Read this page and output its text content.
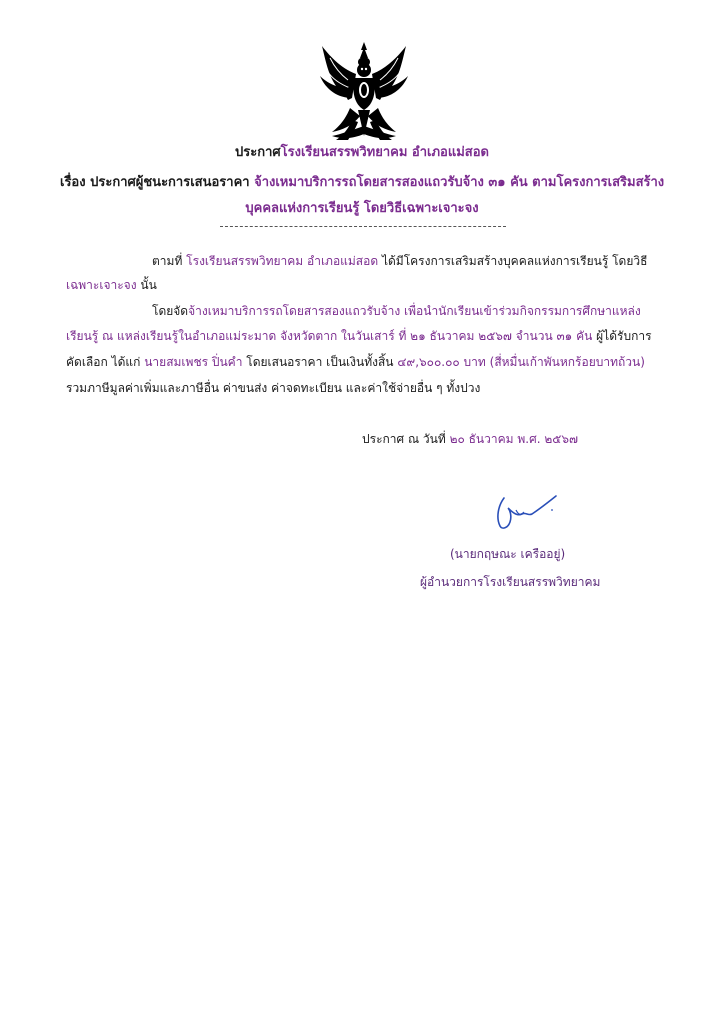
ประกาศโรงเรียนสรรพวิทยาคม อำเภอแม่สอด
เรื่อง ประกาศผู้ชนะการเสนอราคา จ้างเหมาบริการรถโดยสารสองแถวรับจ้าง ๓๑ คัน ตามโครงการเสริมสร้าง
บุคคลแห่งการเรียนรู้ โดยวิธีเฉพาะเจาะจง
ตามที่ โรงเรียนสรรพวิทยาคม อำเภอแม่สอด ได้มีโครงการเสริมสร้างบุคคลแห่งการเรียนรู้ โดยวิธี
เฉพาะเจาะจง นั้น
โดยจัดจ้างเหมาบริการรถโดยสารสองแถวรับจ้าง เพื่อนำนักเรียนเข้าร่วมกิจกรรมการศึกษาแหล่ง
เรียนรู้ ณ แหล่งเรียนรู้ในอำเภอแม่ระมาด จังหวัดตาก ในวันเสาร์ ที่ ๒๑ ธันวาคม ๒๕๖๗ จำนวน ๓๑ คัน ผู้ได้รับการ
คัดเลือก ได้แก่ นายสมเพชร ปิ่นคำ โดยเสนอราคา เป็นเงินทั้งสิ้น ๔๙,๖๐๐.๐๐ บาท (สี่หมื่นเก้าพันหกร้อยบาทถ้วน)
รวมภาษีมูลค่าเพิ่มและภาษีอื่น ค่าขนส่ง ค่าจดทะเบียน และค่าใช้จ่ายอื่น ๆ ทั้งปวง
ประกาศ ณ วันที่ ๒๐ ธันวาคม พ.ศ. ๒๕๖๗
(นายกฤษณะ เครืออยู่)
ผู้อำนวยการโรงเรียนสรรพวิทยาคม
